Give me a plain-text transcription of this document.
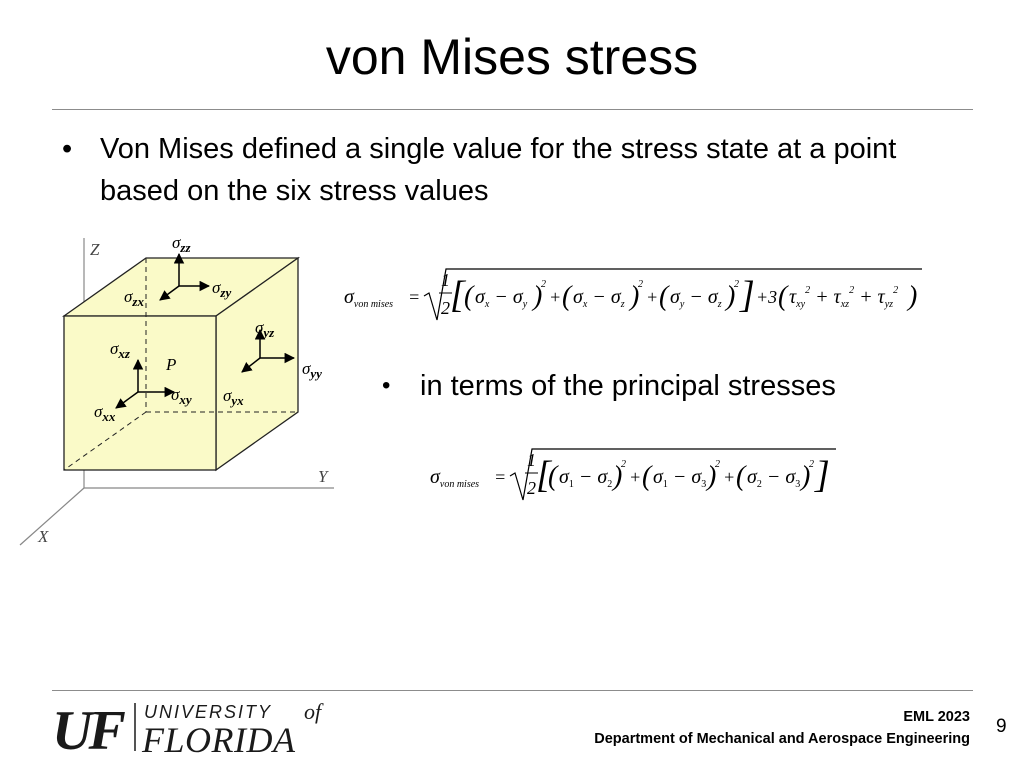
von Mises stress
• Von Mises defined a single value for the stress state at a point based on the six stress values
Z
Y
X
$\sigma_{zz}$
$\sigma_{zx}$
$\sigma_{zy}$
$\sigma_{yz}$
$\sigma_{yy}$
$\sigma_{yx}$
$\sigma_{xz}$
$\sigma_{xy}$
$\sigma_{xx}$
P
$\sigma_{von mises}$ =
1
2 [ ( $\sigma_x - \sigma_y$ )
2
+ ( $\sigma_x - \sigma_z$ )
2
+ ( $\sigma_y - \sigma_z$ )
2 ] +3 ( $\tau_{xy}^2 + \tau_{xz}^2 + \tau_{yz}^2$ )
• in terms of the principal stresses
$\sigma_{von mises}$ =
1
2 [
( $\sigma_1 - \sigma_2$ )
2
+ ( $\sigma_1 - \sigma_3$ )
2
+ ( $\sigma_2 - \sigma_3$ )
2 ]
UF UNIVERSITY of
FLORIDA
EML 2023
Department of Mechanical and Aerospace Engineering
9
